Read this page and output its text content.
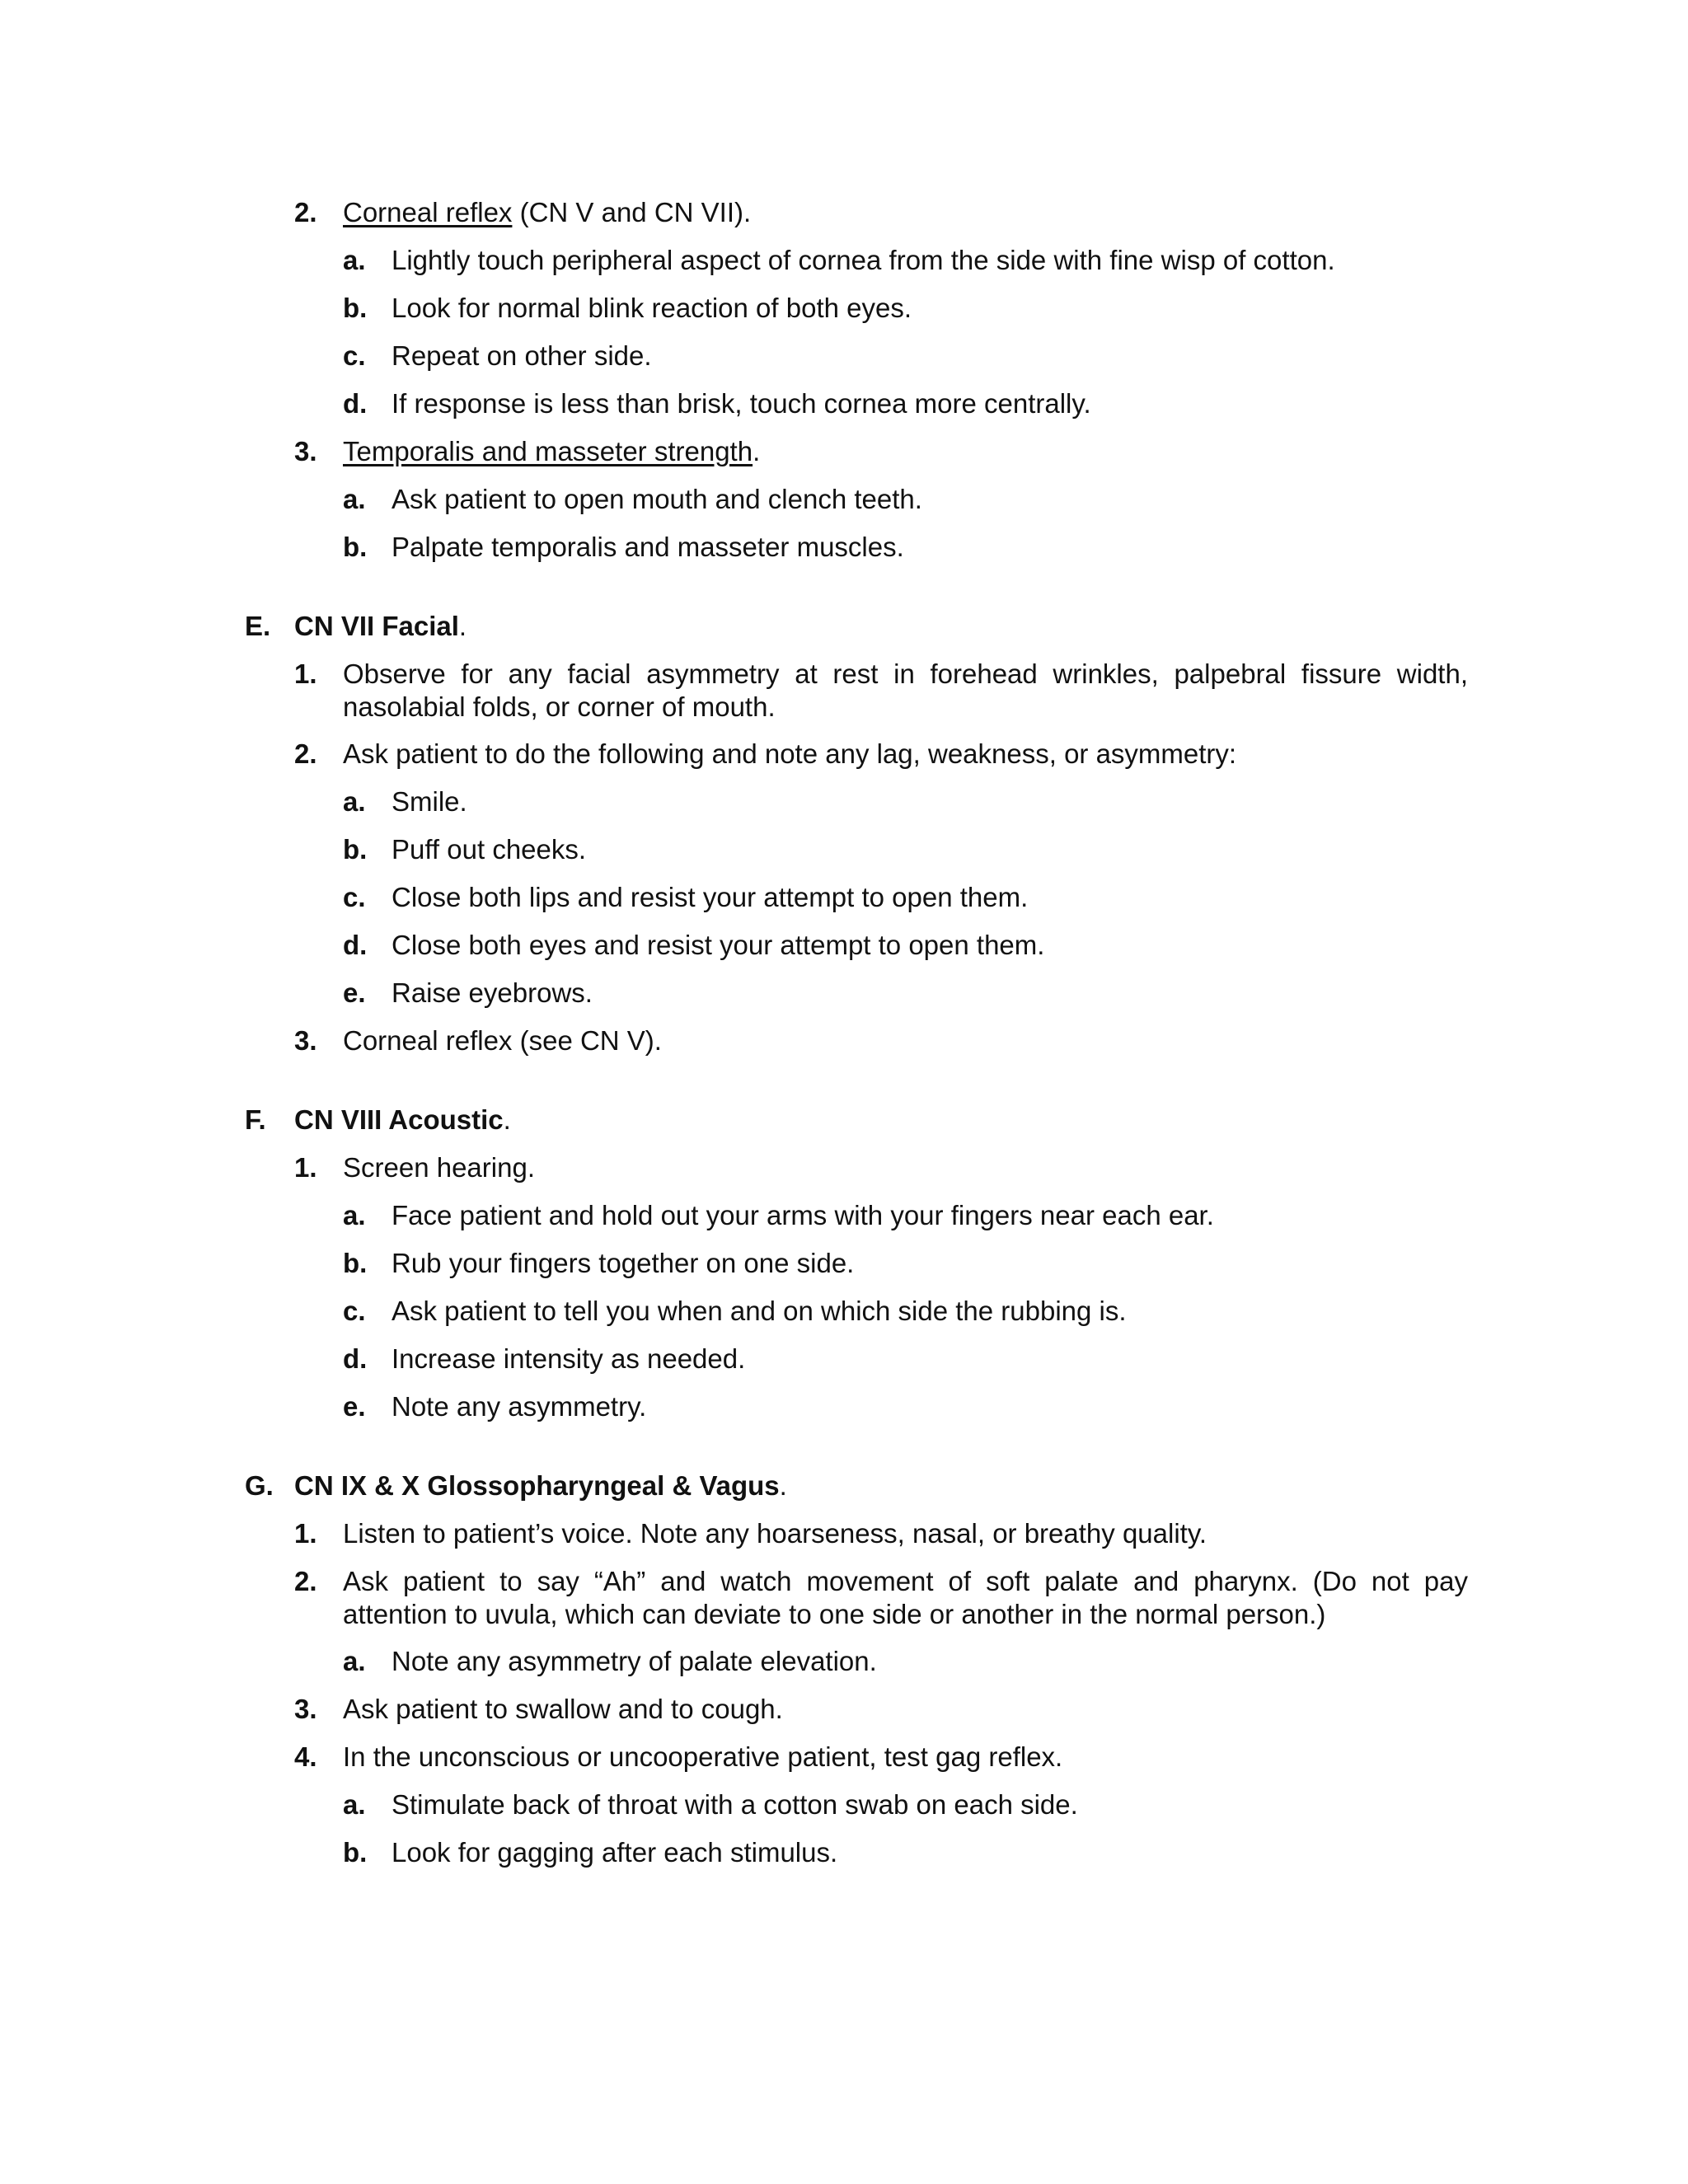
2. Corneal reflex (CN V and CN VII).
a. Lightly touch peripheral aspect of cornea from the side with fine wisp of cotton.
b. Look for normal blink reaction of both eyes.
c. Repeat on other side.
d. If response is less than brisk, touch cornea more centrally.
3. Temporalis and masseter strength.
a. Ask patient to open mouth and clench teeth.
b. Palpate temporalis and masseter muscles.
E. CN VII Facial.
1. Observe for any facial asymmetry at rest in forehead wrinkles, palpebral fissure width, nasolabial folds, or corner of mouth.
2. Ask patient to do the following and note any lag, weakness, or asymmetry:
a. Smile.
b. Puff out cheeks.
c. Close both lips and resist your attempt to open them.
d. Close both eyes and resist your attempt to open them.
e. Raise eyebrows.
3. Corneal reflex (see CN V).
F. CN VIII Acoustic.
1. Screen hearing.
a. Face patient and hold out your arms with your fingers near each ear.
b. Rub your fingers together on one side.
c. Ask patient to tell you when and on which side the rubbing is.
d. Increase intensity as needed.
e. Note any asymmetry.
G. CN IX & X Glossopharyngeal & Vagus.
1. Listen to patient’s voice. Note any hoarseness, nasal, or breathy quality.
2. Ask patient to say “Ah” and watch movement of soft palate and pharynx. (Do not pay attention to uvula, which can deviate to one side or another in the normal person.)
a. Note any asymmetry of palate elevation.
3. Ask patient to swallow and to cough.
4. In the unconscious or uncooperative patient, test gag reflex.
a. Stimulate back of throat with a cotton swab on each side.
b. Look for gagging after each stimulus.
